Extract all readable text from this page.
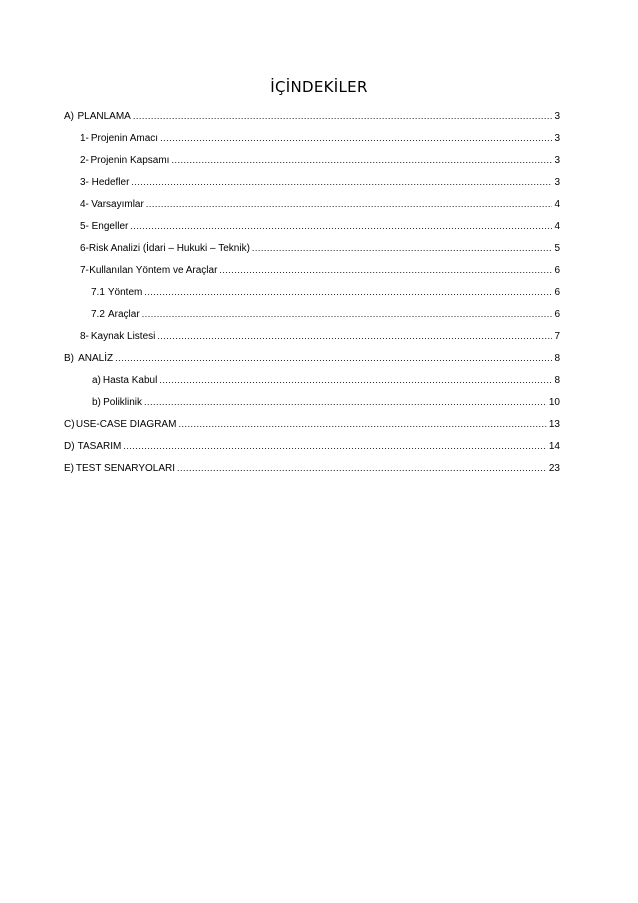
İÇİNDEKİLER
A) PLANLAMA .....	3
1- Projenin Amacı .....	3
2- Projenin Kapsamı .....	3
3- Hedefler .....	3
4- Varsayımlar .....	4
5- Engeller .....	4
6- Risk Analizi (İdari – Hukuki – Teknik) .....	5
7- Kullanılan Yöntem ve Araçlar .....	6
7.1 Yöntem .....	6
7.2 Araçlar .....	6
8- Kaynak Listesi .....	7
B) ANALİZ .....	8
a) Hasta Kabul .....	8
b) Poliklinik .....	10
C) USE-CASE DIAGRAM .....	13
D) TASARIM .....	14
E) TEST SENARYOLARI .....	23
